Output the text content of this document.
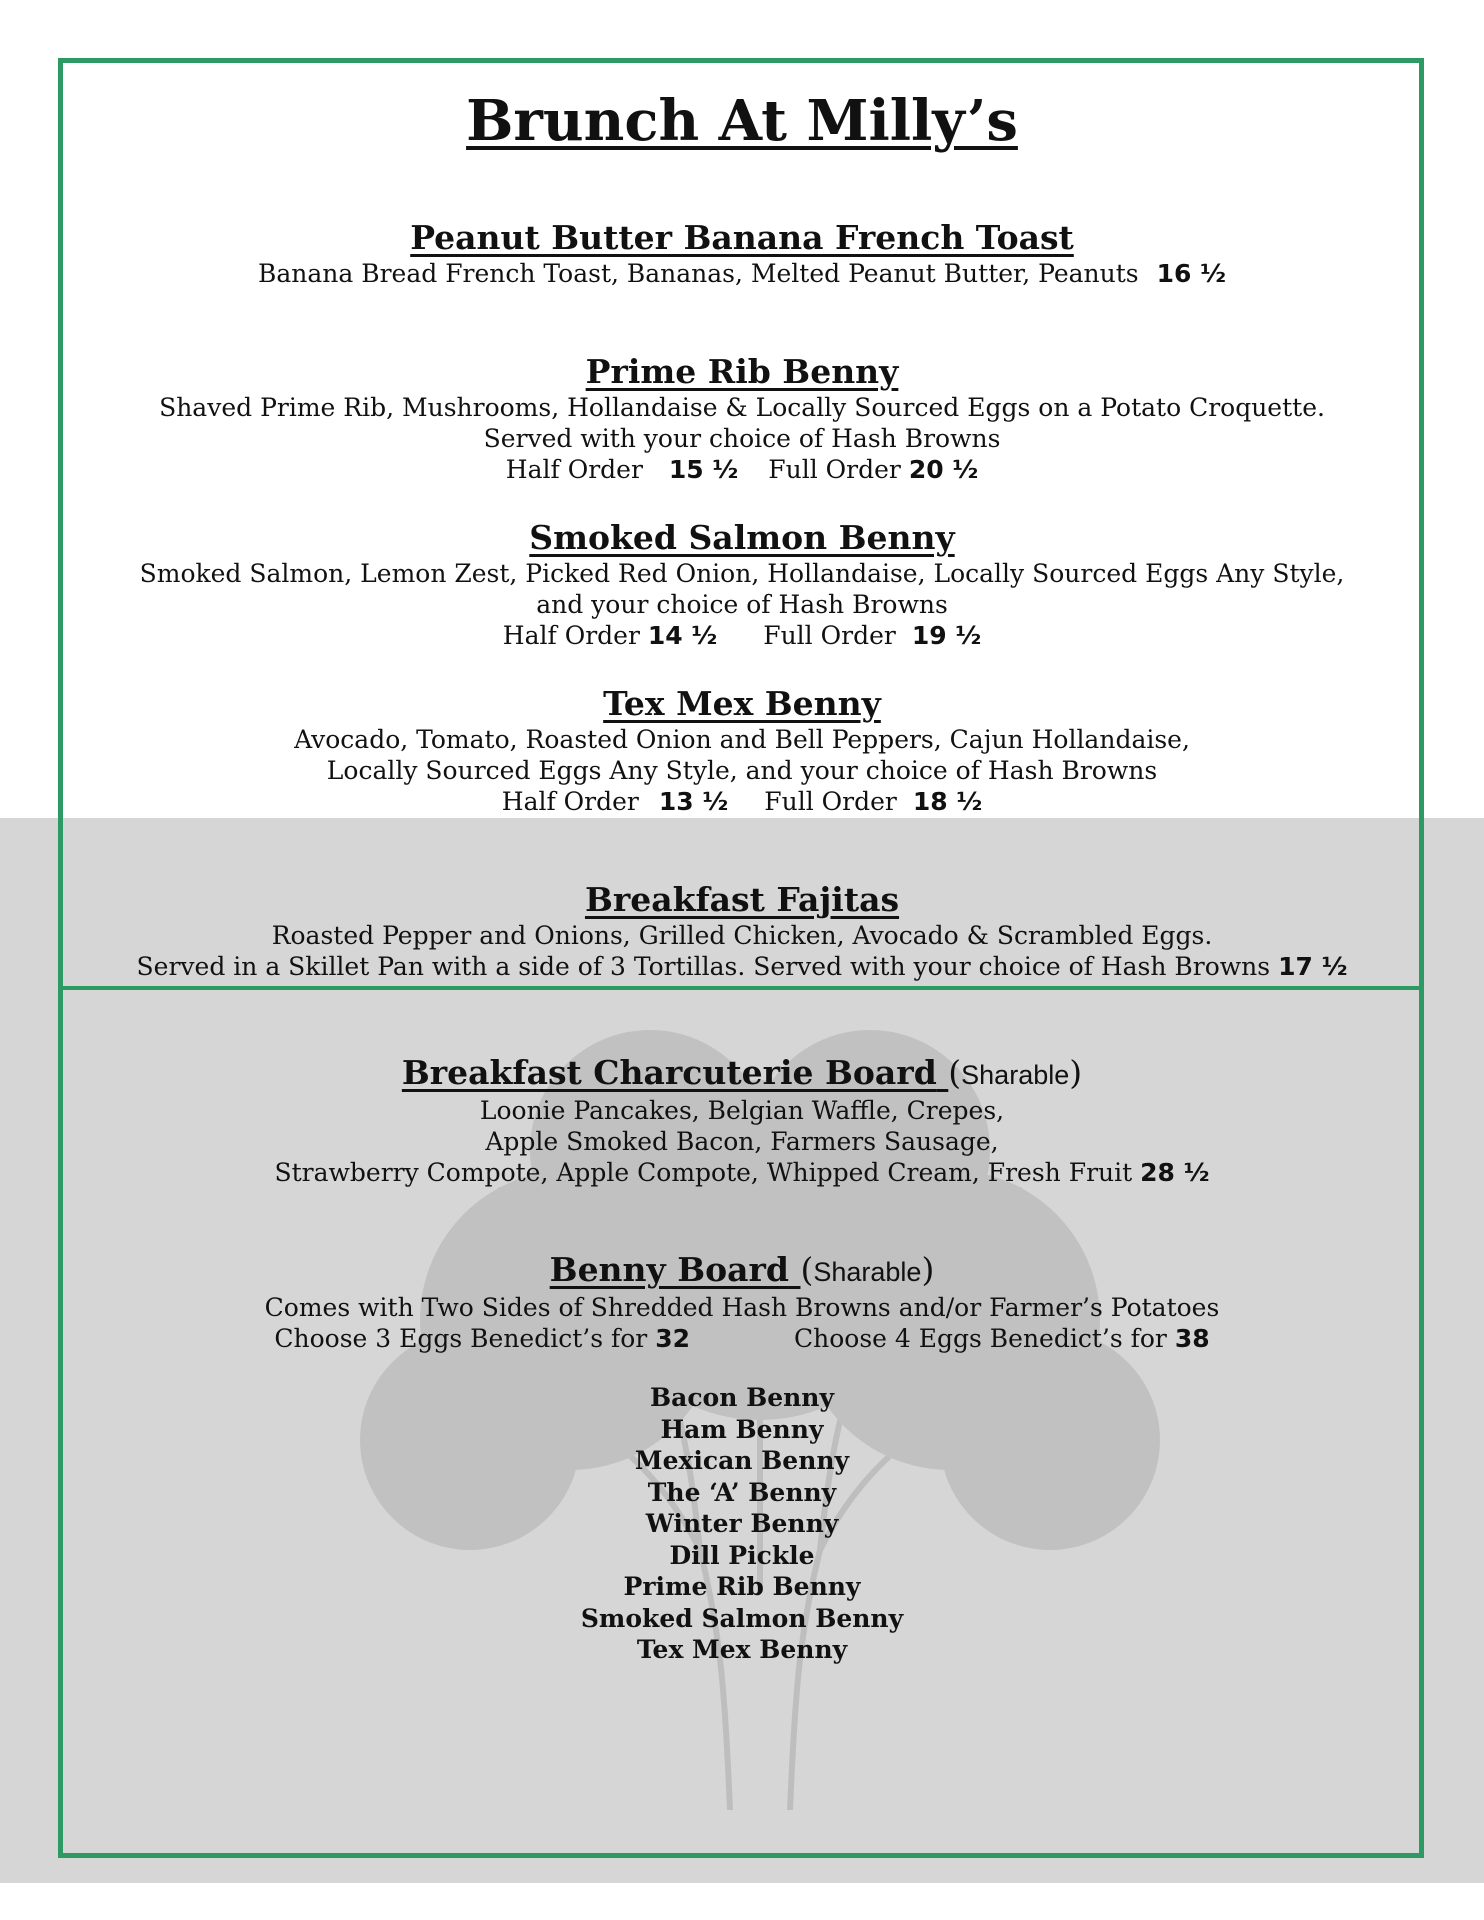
Brunch At Milly’s
Peanut Butter Banana French Toast
Banana Bread French Toast, Bananas, Melted Peanut Butter, Peanuts 16 ½
Prime Rib Benny
Shaved Prime Rib, Mushrooms, Hollandaise & Locally Sourced Eggs on a Potato Croquette.
Served with your choice of Hash Browns
Half Order 15 ½ Full Order 20 ½
Smoked Salmon Benny
Smoked Salmon, Lemon Zest, Picked Red Onion, Hollandaise, Locally Sourced Eggs Any Style,
and your choice of Hash Browns
Half Order 14 ½ Full Order 19 ½
Tex Mex Benny
Avocado, Tomato, Roasted Onion and Bell Peppers, Cajun Hollandaise,
Locally Sourced Eggs Any Style, and your choice of Hash Browns
Half Order 13 ½ Full Order 18 ½
Breakfast Fajitas
Roasted Pepper and Onions, Grilled Chicken, Avocado & Scrambled Eggs.
Served in a Skillet Pan with a side of 3 Tortillas. Served with your choice of Hash Browns 17 ½
Breakfast Charcuterie Board (Sharable)
Loonie Pancakes, Belgian Waffle, Crepes,
Apple Smoked Bacon, Farmers Sausage,
Strawberry Compote, Apple Compote, Whipped Cream, Fresh Fruit 28 ½
Benny Board (Sharable)
Comes with Two Sides of Shredded Hash Browns and/or Farmer’s Potatoes
Choose 3 Eggs Benedict’s for 32	Choose 4 Eggs Benedict’s for 38
Bacon Benny
Ham Benny
Mexican Benny
The ‘A’ Benny
Winter Benny
Dill Pickle
Prime Rib Benny
Smoked Salmon Benny
Tex Mex Benny
